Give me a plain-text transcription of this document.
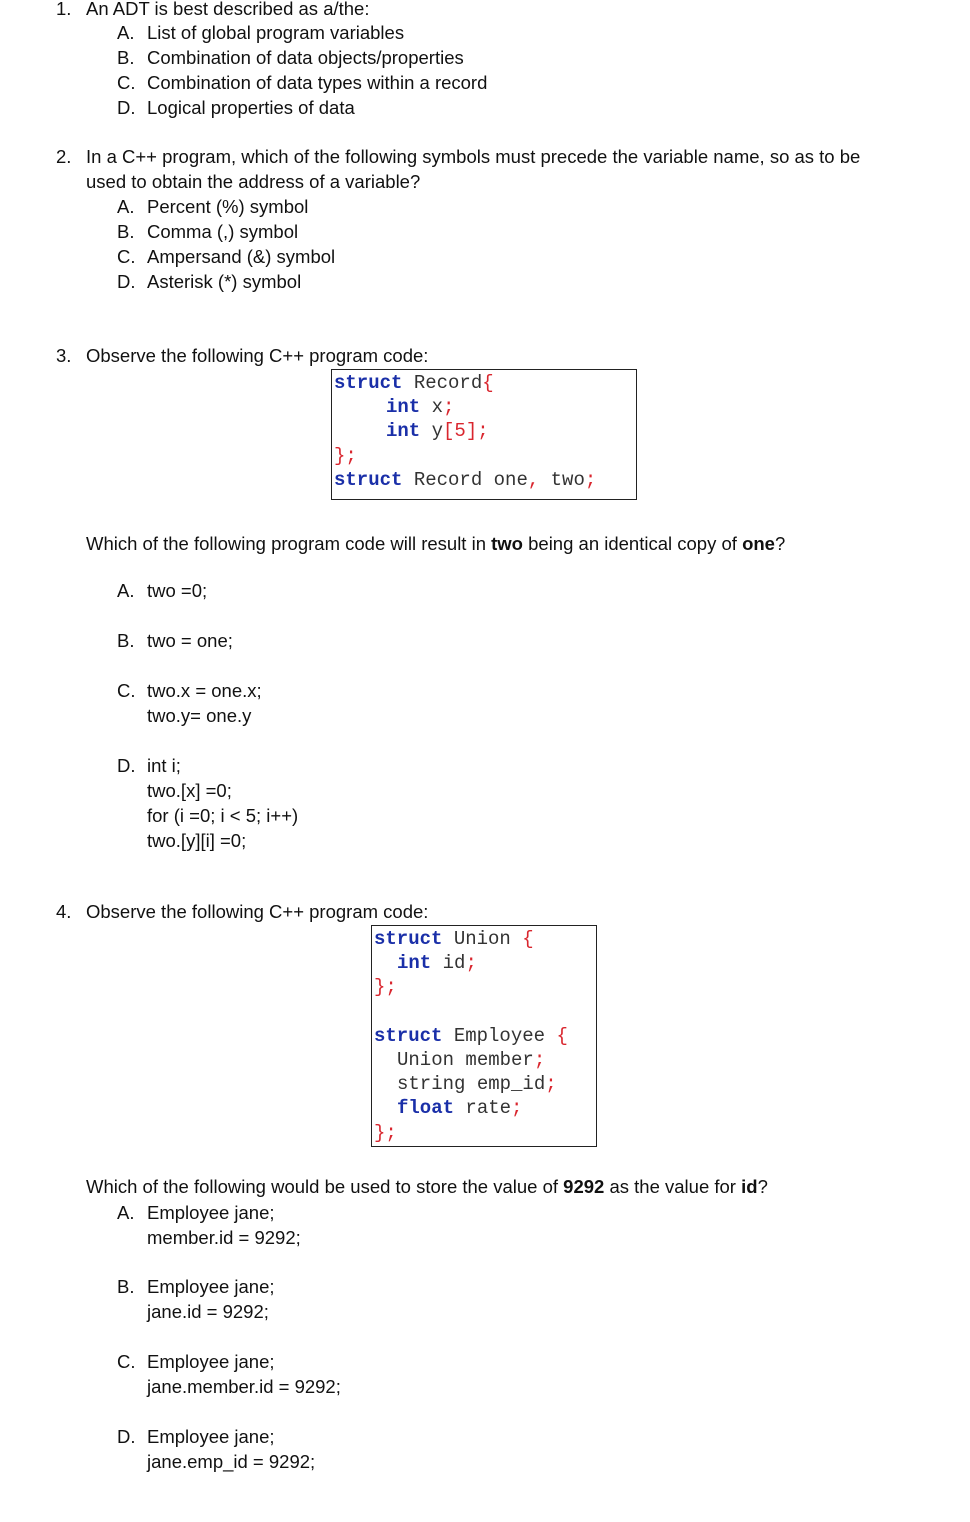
1. An ADT is best described as a/the:
A. List of global program variables
B. Combination of data objects/properties
C. Combination of data types within a record
D. Logical properties of data
2. In a C++ program, which of the following symbols must precede the variable name, so as to be
used to obtain the address of a variable?
A. Percent (%) symbol
B. Comma (,) symbol
C. Ampersand (&) symbol
D. Asterisk (*) symbol
3. Observe the following C++ program code:
struct Record{
int x;
int y[5];
};
struct Record one, two;
Which of the following program code will result in two being an identical copy of one?
A. two =0;
B. two = one;
C. two.x = one.x;
two.y= one.y
D. int i;
two.[x] =0;
for (i =0; i < 5; i++)
two.[y][i] =0;
4. Observe the following C++ program code:
struct Union {
int id;
};
struct Employee {
Union member;
string emp_id;
float rate;
};
Which of the following would be used to store the value of 9292 as the value for id?
A. Employee jane;
member.id = 9292;
B. Employee jane;
jane.id = 9292;
C. Employee jane;
jane.member.id = 9292;
D. Employee jane;
jane.emp_id = 9292;
